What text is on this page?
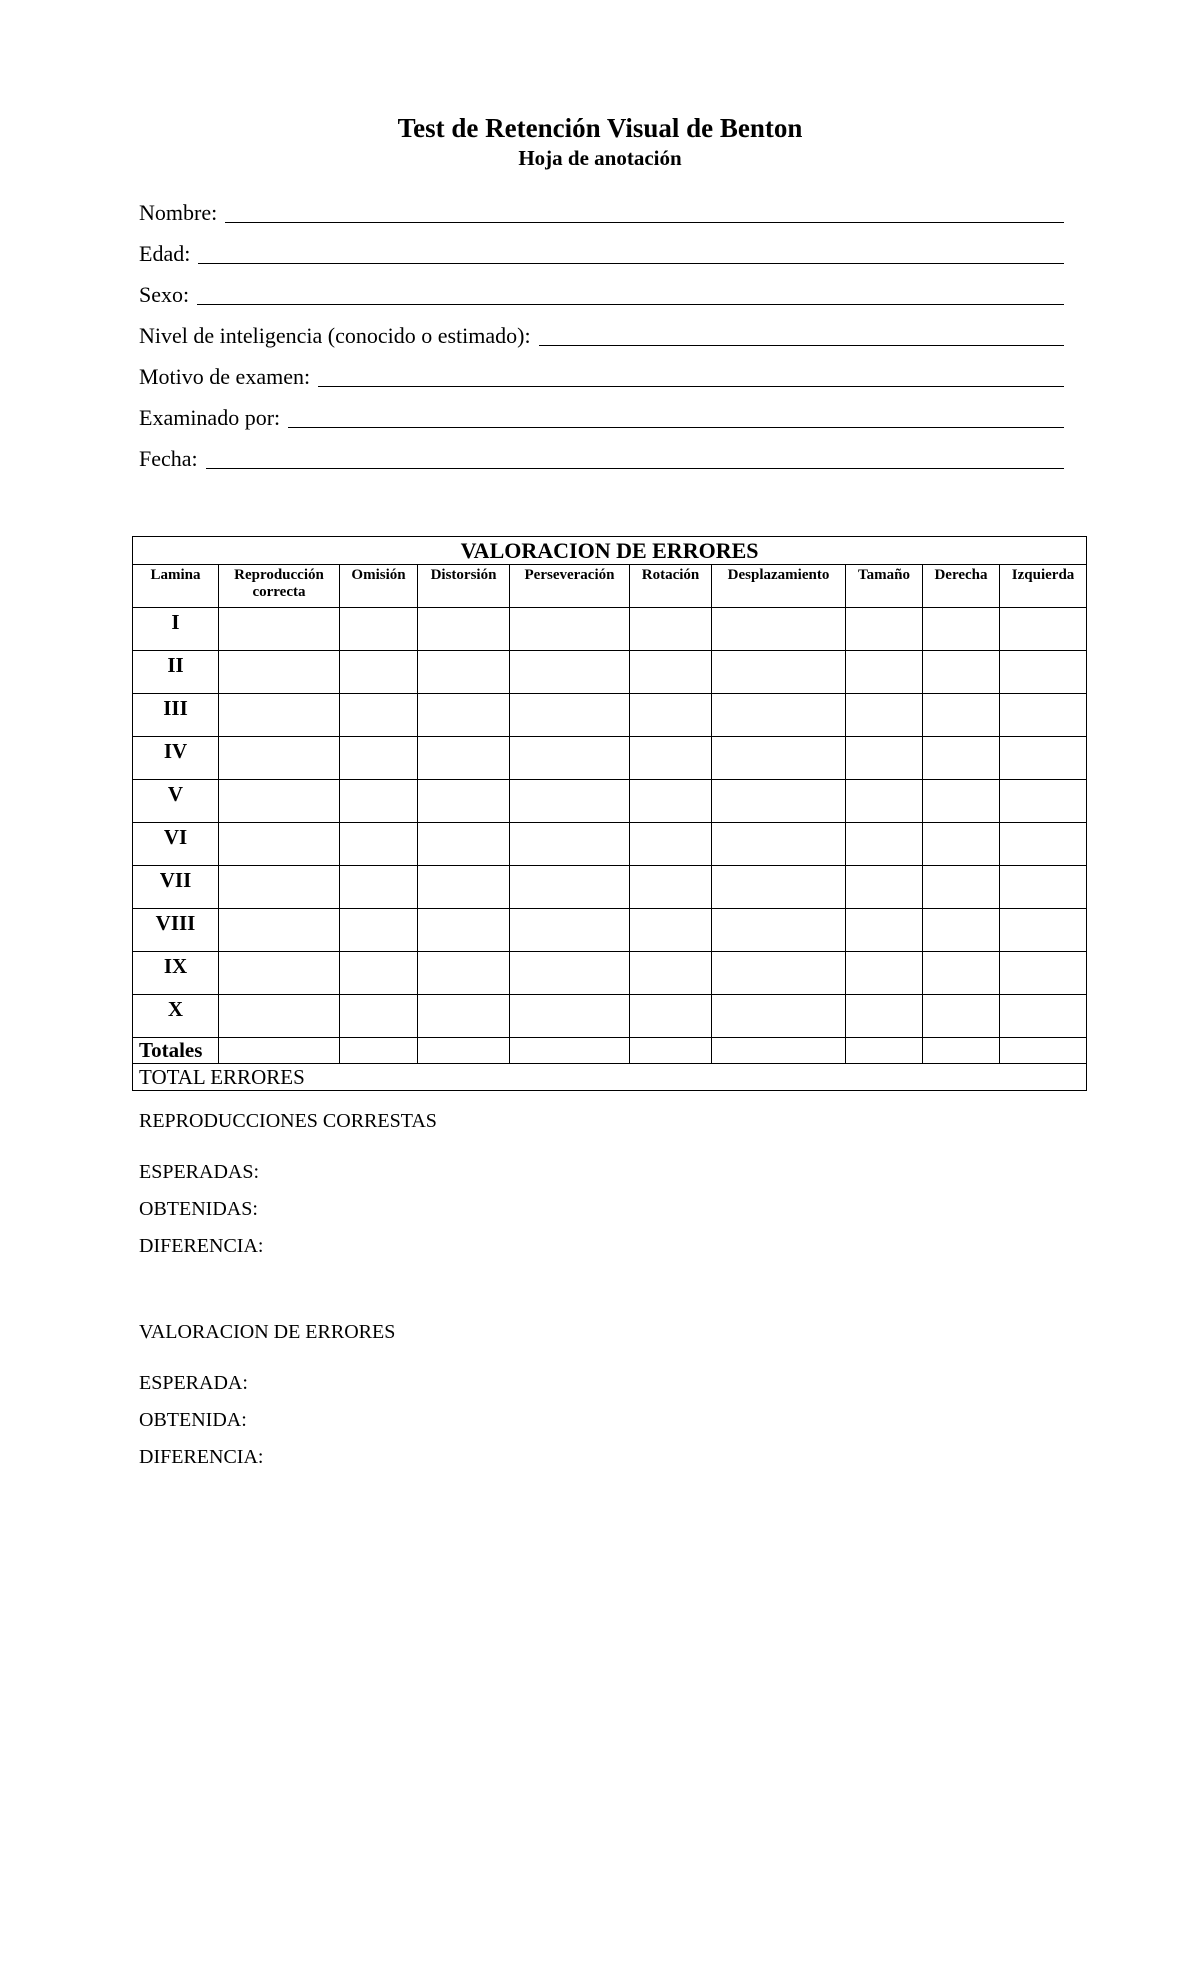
Test de Retención Visual de Benton
Hoja de anotación
Nombre:
Edad:
Sexo:
Nivel de inteligencia (conocido o estimado):
Motivo de examen:
Examinado por:
Fecha:
VALORACION DE ERRORES									
Lamina	Reproducción correcta	Omisión	Distorsión	Perseveración	Rotación	Desplazamiento	Tamaño	Derecha	Izquierda
I									
II									
III									
IV									
V									
VI									
VII									
VIII									
IX									
X									
Totales									
TOTAL ERRORES									
REPRODUCCIONES CORRESTAS
ESPERADAS:
OBTENIDAS:
DIFERENCIA:
VALORACION DE ERRORES
ESPERADA:
OBTENIDA:
DIFERENCIA:
